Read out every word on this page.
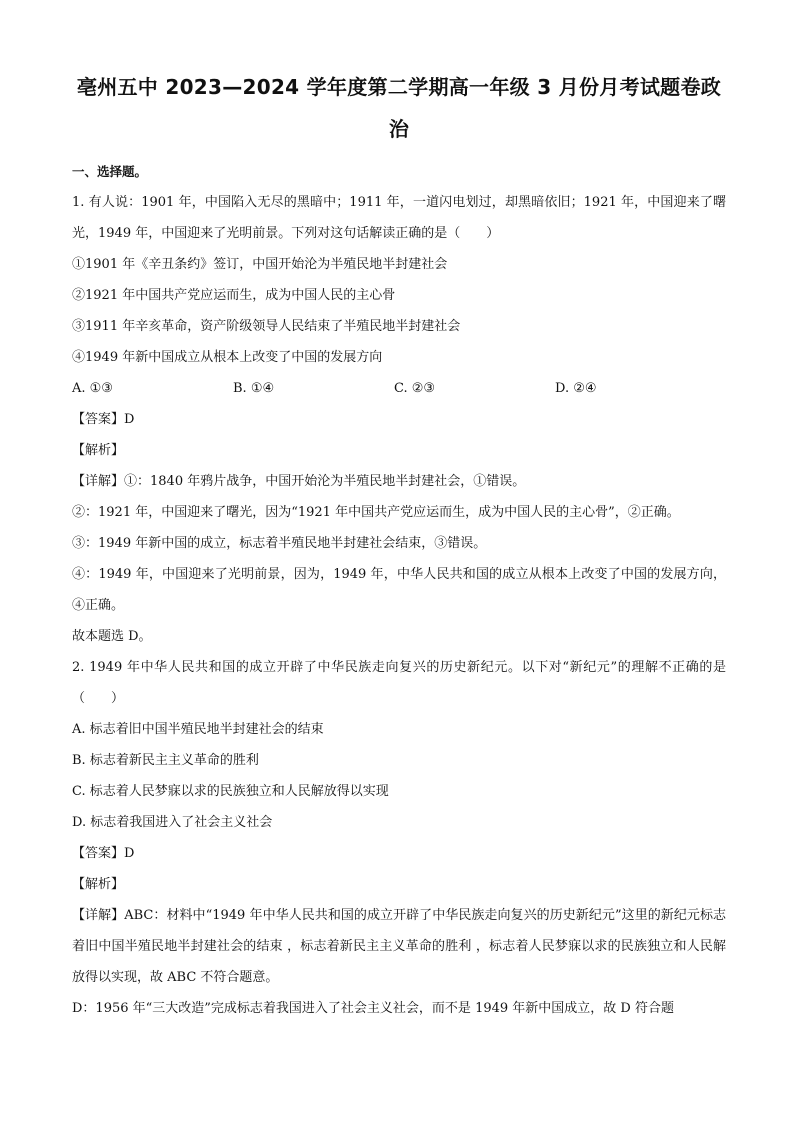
亳州五中 2023—2024 学年度第二学期高一年级 3 月份月考试题卷政
治
一、选择题。
1. 有人说：1901 年，中国陷入无尽的黑暗中；1911 年，一道闪电划过，却黑暗依旧；1921 年，中国迎来了曙光，1949 年，中国迎来了光明前景。下列对这句话解读正确的是（　　）
①1901 年《辛丑条约》签订，中国开始沦为半殖民地半封建社会
②1921 年中国共产党应运而生，成为中国人民的主心骨
③1911 年辛亥革命，资产阶级领导人民结束了半殖民地半封建社会
④1949 年新中国成立从根本上改变了中国的发展方向
A. ①③	B. ①④	C. ②③	D. ②④
【答案】D
【解析】
【详解】①：1840 年鸦片战争，中国开始沦为半殖民地半封建社会，①错误。
②：1921 年，中国迎来了曙光，因为“1921 年中国共产党应运而生，成为中国人民的主心骨”，②正确。
③：1949 年新中国的成立，标志着半殖民地半封建社会结束，③错误。
④：1949 年，中国迎来了光明前景，因为，1949 年，中华人民共和国的成立从根本上改变了中国的发展方向，④正确。
故本题选 D。
2. 1949 年中华人民共和国的成立开辟了中华民族走向复兴的历史新纪元。以下对“新纪元”的理解不正确的是（　　）
A. 标志着旧中国半殖民地半封建社会的结束
B. 标志着新民主主义革命的胜利
C. 标志着人民梦寐以求的民族独立和人民解放得以实现
D. 标志着我国进入了社会主义社会
【答案】D
【解析】
【详解】ABC：材料中“1949 年中华人民共和国的成立开辟了中华民族走向复兴的历史新纪元”这里的新纪元标志着旧中国半殖民地半封建社会的结束 ，标志着新民主主义革命的胜利 ，标志着人民梦寐以求的民族独立和人民解放得以实现，故 ABC 不符合题意。
D：1956 年“三大改造”完成标志着我国进入了社会主义社会，而不是 1949 年新中国成立，故 D 符合题
